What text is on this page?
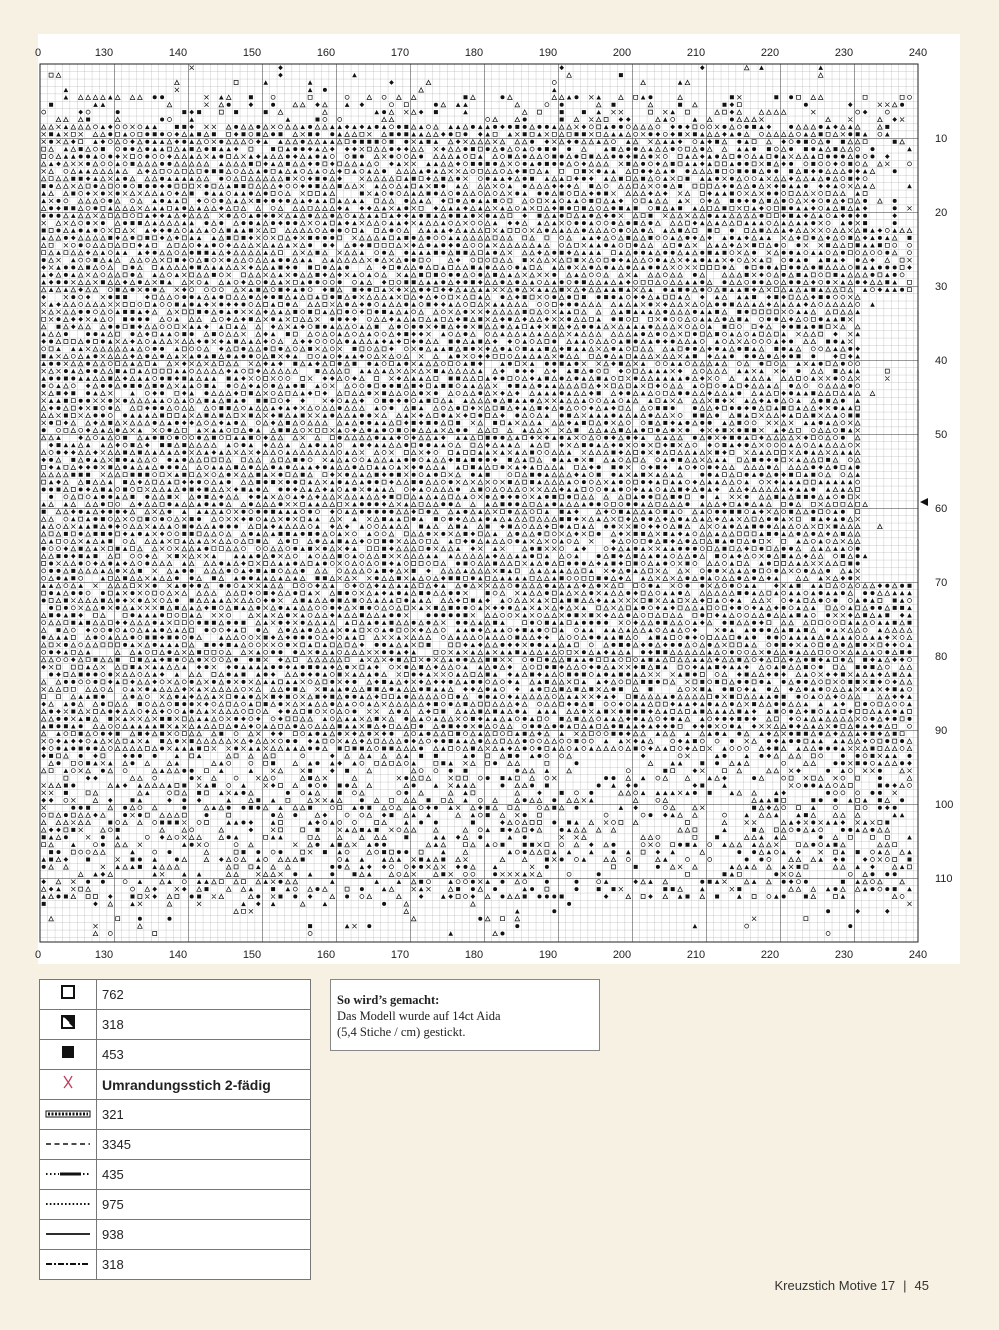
0	130	140	150	160	170	180	190	200	210	220	230	240
0	130	140	150	160	170	180	190	200	210	220	230	240
10
20
30
40
50
60
70
80
90
100
110
	762
	318
	453
	Umrandungsstich 2-fädig
	321
	3345
	435
	975
	938
	318
So wird’s gemacht:
Das Modell wurde auf 14ct Aida
(5,4 Stiche / cm) gestickt.
Kreuzstich Motive 17 | 45
